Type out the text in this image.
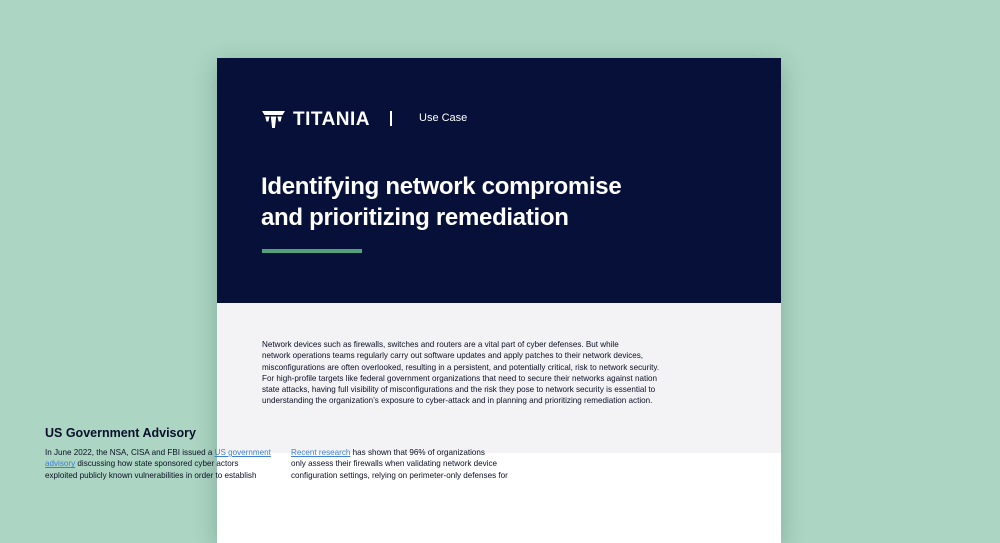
TITANIA	Use Case
Identifying network compromise
and prioritizing remediation

Network devices such as firewalls, switches and routers are a vital part of cyber defenses. But while
network operations teams regularly carry out software updates and apply patches to their network devices,
misconfigurations are often overlooked, resulting in a persistent, and potentially critical, risk to network security.
For high-profile targets like federal government organizations that need to secure their networks against nation
state attacks, having full visibility of misconfigurations and the risk they pose to network security is essential to
understanding the organization’s exposure to cyber-attack and in planning and prioritizing remediation action.

US Government Advisory

In June 2022, the NSA, CISA and FBI issued a US government
advisory discussing how state sponsored cyber actors
exploited publicly known vulnerabilities in order to establish

Recent research has shown that 96% of organizations
only assess their firewalls when validating network device
configuration settings, relying on perimeter-only defenses for
